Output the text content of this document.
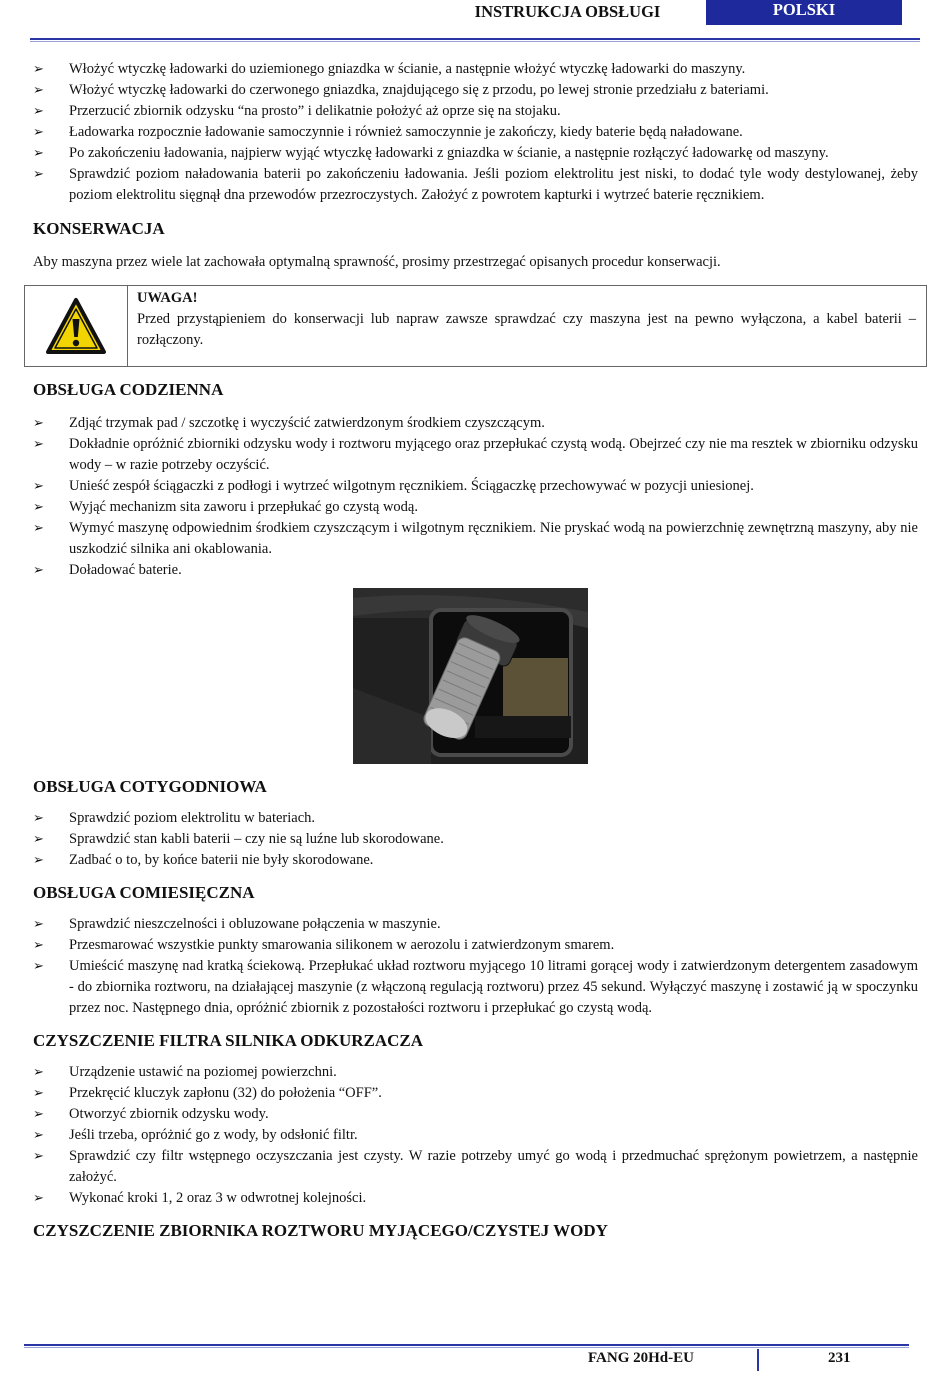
INSTRUKCJA OBSŁUGI	POLSKI
➢ Włożyć wtyczkę ładowarki do uziemionego gniazdka w ścianie, a następnie włożyć wtyczkę ładowarki do maszyny.
➢ Włożyć wtyczkę ładowarki do czerwonego gniazdka, znajdującego się z przodu, po lewej stronie przedziału z bateriami.
➢ Przerzucić zbiornik odzysku “na prosto” i delikatnie położyć aż oprze się na stojaku.
➢ Ładowarka rozpocznie ładowanie samoczynnie i również samoczynnie je zakończy, kiedy baterie będą naładowane.
➢ Po zakończeniu ładowania, najpierw wyjąć wtyczkę ładowarki z gniazdka w ścianie, a następnie rozłączyć ładowarkę od maszyny.
➢ Sprawdzić poziom naładowania baterii po zakończeniu ładowania. Jeśli poziom elektrolitu jest niski, to dodać tyle wody destylowanej, żeby poziom elektrolitu sięgnął dna przewodów przezroczystych. Założyć z powrotem kapturki i wytrzeć baterie ręcznikiem.
KONSERWACJA

Aby maszyna przez wiele lat zachowała optymalną sprawność, prosimy przestrzegać opisanych procedur konserwacji.

UWAGA!
Przed przystąpieniem do konserwacji lub napraw zawsze sprawdzać czy maszyna jest na pewno wyłączona, a kabel baterii – rozłączony.
OBSŁUGA CODZIENNA
➢ Zdjąć trzymak pad / szczotkę i wyczyścić zatwierdzonym środkiem czyszczącym.
➢ Dokładnie opróżnić zbiorniki odzysku wody i roztworu myjącego oraz przepłukać czystą wodą. Obejrzeć czy nie ma resztek w zbiorniku odzysku wody – w razie potrzeby oczyścić.
➢ Unieść zespół ściągaczki z podłogi i wytrzeć wilgotnym ręcznikiem. Ściągaczkę przechowywać w pozycji uniesionej.
➢ Wyjąć mechanizm sita zaworu i przepłukać go czystą wodą.
➢ Wymyć maszynę odpowiednim środkiem czyszczącym i wilgotnym ręcznikiem. Nie pryskać wodą na powierzchnię zewnętrzną maszyny, aby nie uszkodzić silnika ani okablowania.
➢ Doładować baterie.
OBSŁUGA COTYGODNIOWA
➢ Sprawdzić poziom elektrolitu w bateriach.
➢ Sprawdzić stan kabli baterii – czy nie są luźne lub skorodowane.
➢ Zadbać o to, by końce baterii nie były skorodowane.
OBSŁUGA COMIESIĘCZNA
➢ Sprawdzić nieszczelności i obluzowane połączenia w maszynie.
➢ Przesmarować wszystkie punkty smarowania silikonem w aerozolu i zatwierdzonym smarem.
➢ Umieścić maszynę nad kratką ściekową. Przepłukać układ roztworu myjącego 10 litrami gorącej wody i zatwierdzonym detergentem zasadowym - do zbiornika roztworu, na działającej maszynie (z włączoną regulacją roztworu) przez 45 sekund. Wyłączyć maszynę i zostawić ją w spoczynku przez noc. Następnego dnia, opróżnić zbiornik z pozostałości roztworu i przepłukać go czystą wodą.
CZYSZCZENIE FILTRA SILNIKA ODKURZACZA
➢ Urządzenie ustawić na poziomej powierzchni.
➢ Przekręcić kluczyk zapłonu (32) do położenia “OFF”.
➢ Otworzyć zbiornik odzysku wody.
➢ Jeśli trzeba, opróżnić go z wody, by odsłonić filtr.
➢ Sprawdzić czy filtr wstępnego oczyszczania jest czysty. W razie potrzeby umyć go wodą i przedmuchać sprężonym powietrzem, a następnie założyć.
➢ Wykonać kroki 1, 2 oraz 3 w odwrotnej kolejności.
CZYSZCZENIE ZBIORNIKA ROZTWORU MYJĄCEGO/CZYSTEJ WODY
FANG 20Hd-EU	231
